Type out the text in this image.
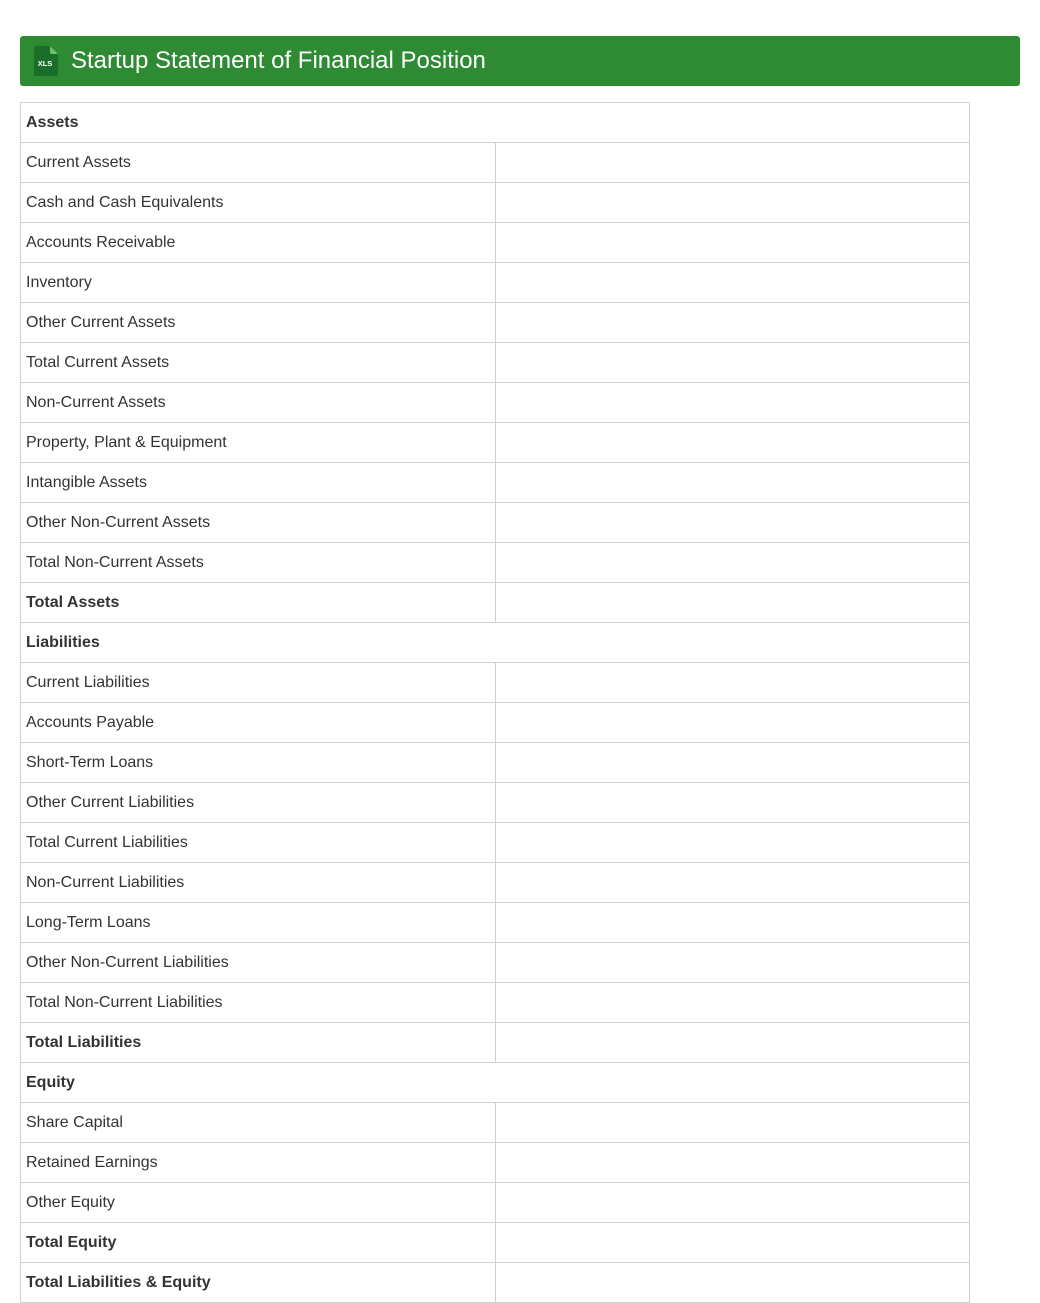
XLS Startup Statement of Financial Position
Assets	
Current Assets	
Cash and Cash Equivalents	
Accounts Receivable	
Inventory	
Other Current Assets	
Total Current Assets	
Non-Current Assets	
Property, Plant & Equipment	
Intangible Assets	
Other Non-Current Assets	
Total Non-Current Assets	
Total Assets	
Liabilities	
Current Liabilities	
Accounts Payable	
Short-Term Loans	
Other Current Liabilities	
Total Current Liabilities	
Non-Current Liabilities	
Long-Term Loans	
Other Non-Current Liabilities	
Total Non-Current Liabilities	
Total Liabilities	
Equity	
Share Capital	
Retained Earnings	
Other Equity	
Total Equity	
Total Liabilities & Equity	
